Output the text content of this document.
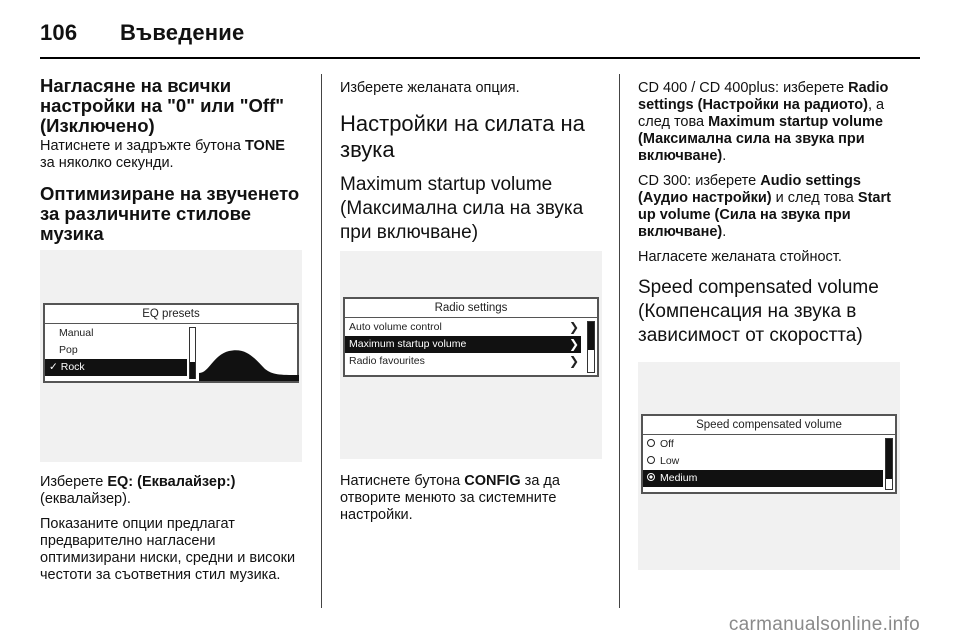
106 Въведение
Нагласяне на всички настройки на "0" или "Off" (Изключено)
Натиснете и задръжте бутона TONE за няколко секунди.
Оптимизиране на звученето за различните стилове музика
EQ presets
Manual
Pop
✓ Rock
Изберете EQ: (Еквалайзер:) (еквалайзер).
Показаните опции предлагат предварително нагласени оптимизирани ниски, средни и високи честоти за съответния стил музика.
Изберете желаната опция.
Настройки на силата на звука
Maximum startup volume (Максимална сила на звука при включване)
Radio settings
Auto volume control	❯
Maximum startup volume	❯
Radio favourites	❯
Натиснете бутона CONFIG за да отворите менюто за системните настройки.
CD 400 / CD 400plus: изберете Radio settings (Настройки на радиото), а след това Maximum startup volume (Максимална сила на звука при включване).
CD 300: изберете Audio settings (Аудио настройки) и след това Start up volume (Сила на звука при включване).
Нагласете желаната стойност.
Speed compensated volume (Компенсация на звука в зависимост от скоростта)
Speed compensated volume
Off
Low
Medium
carmanualsonline.info
